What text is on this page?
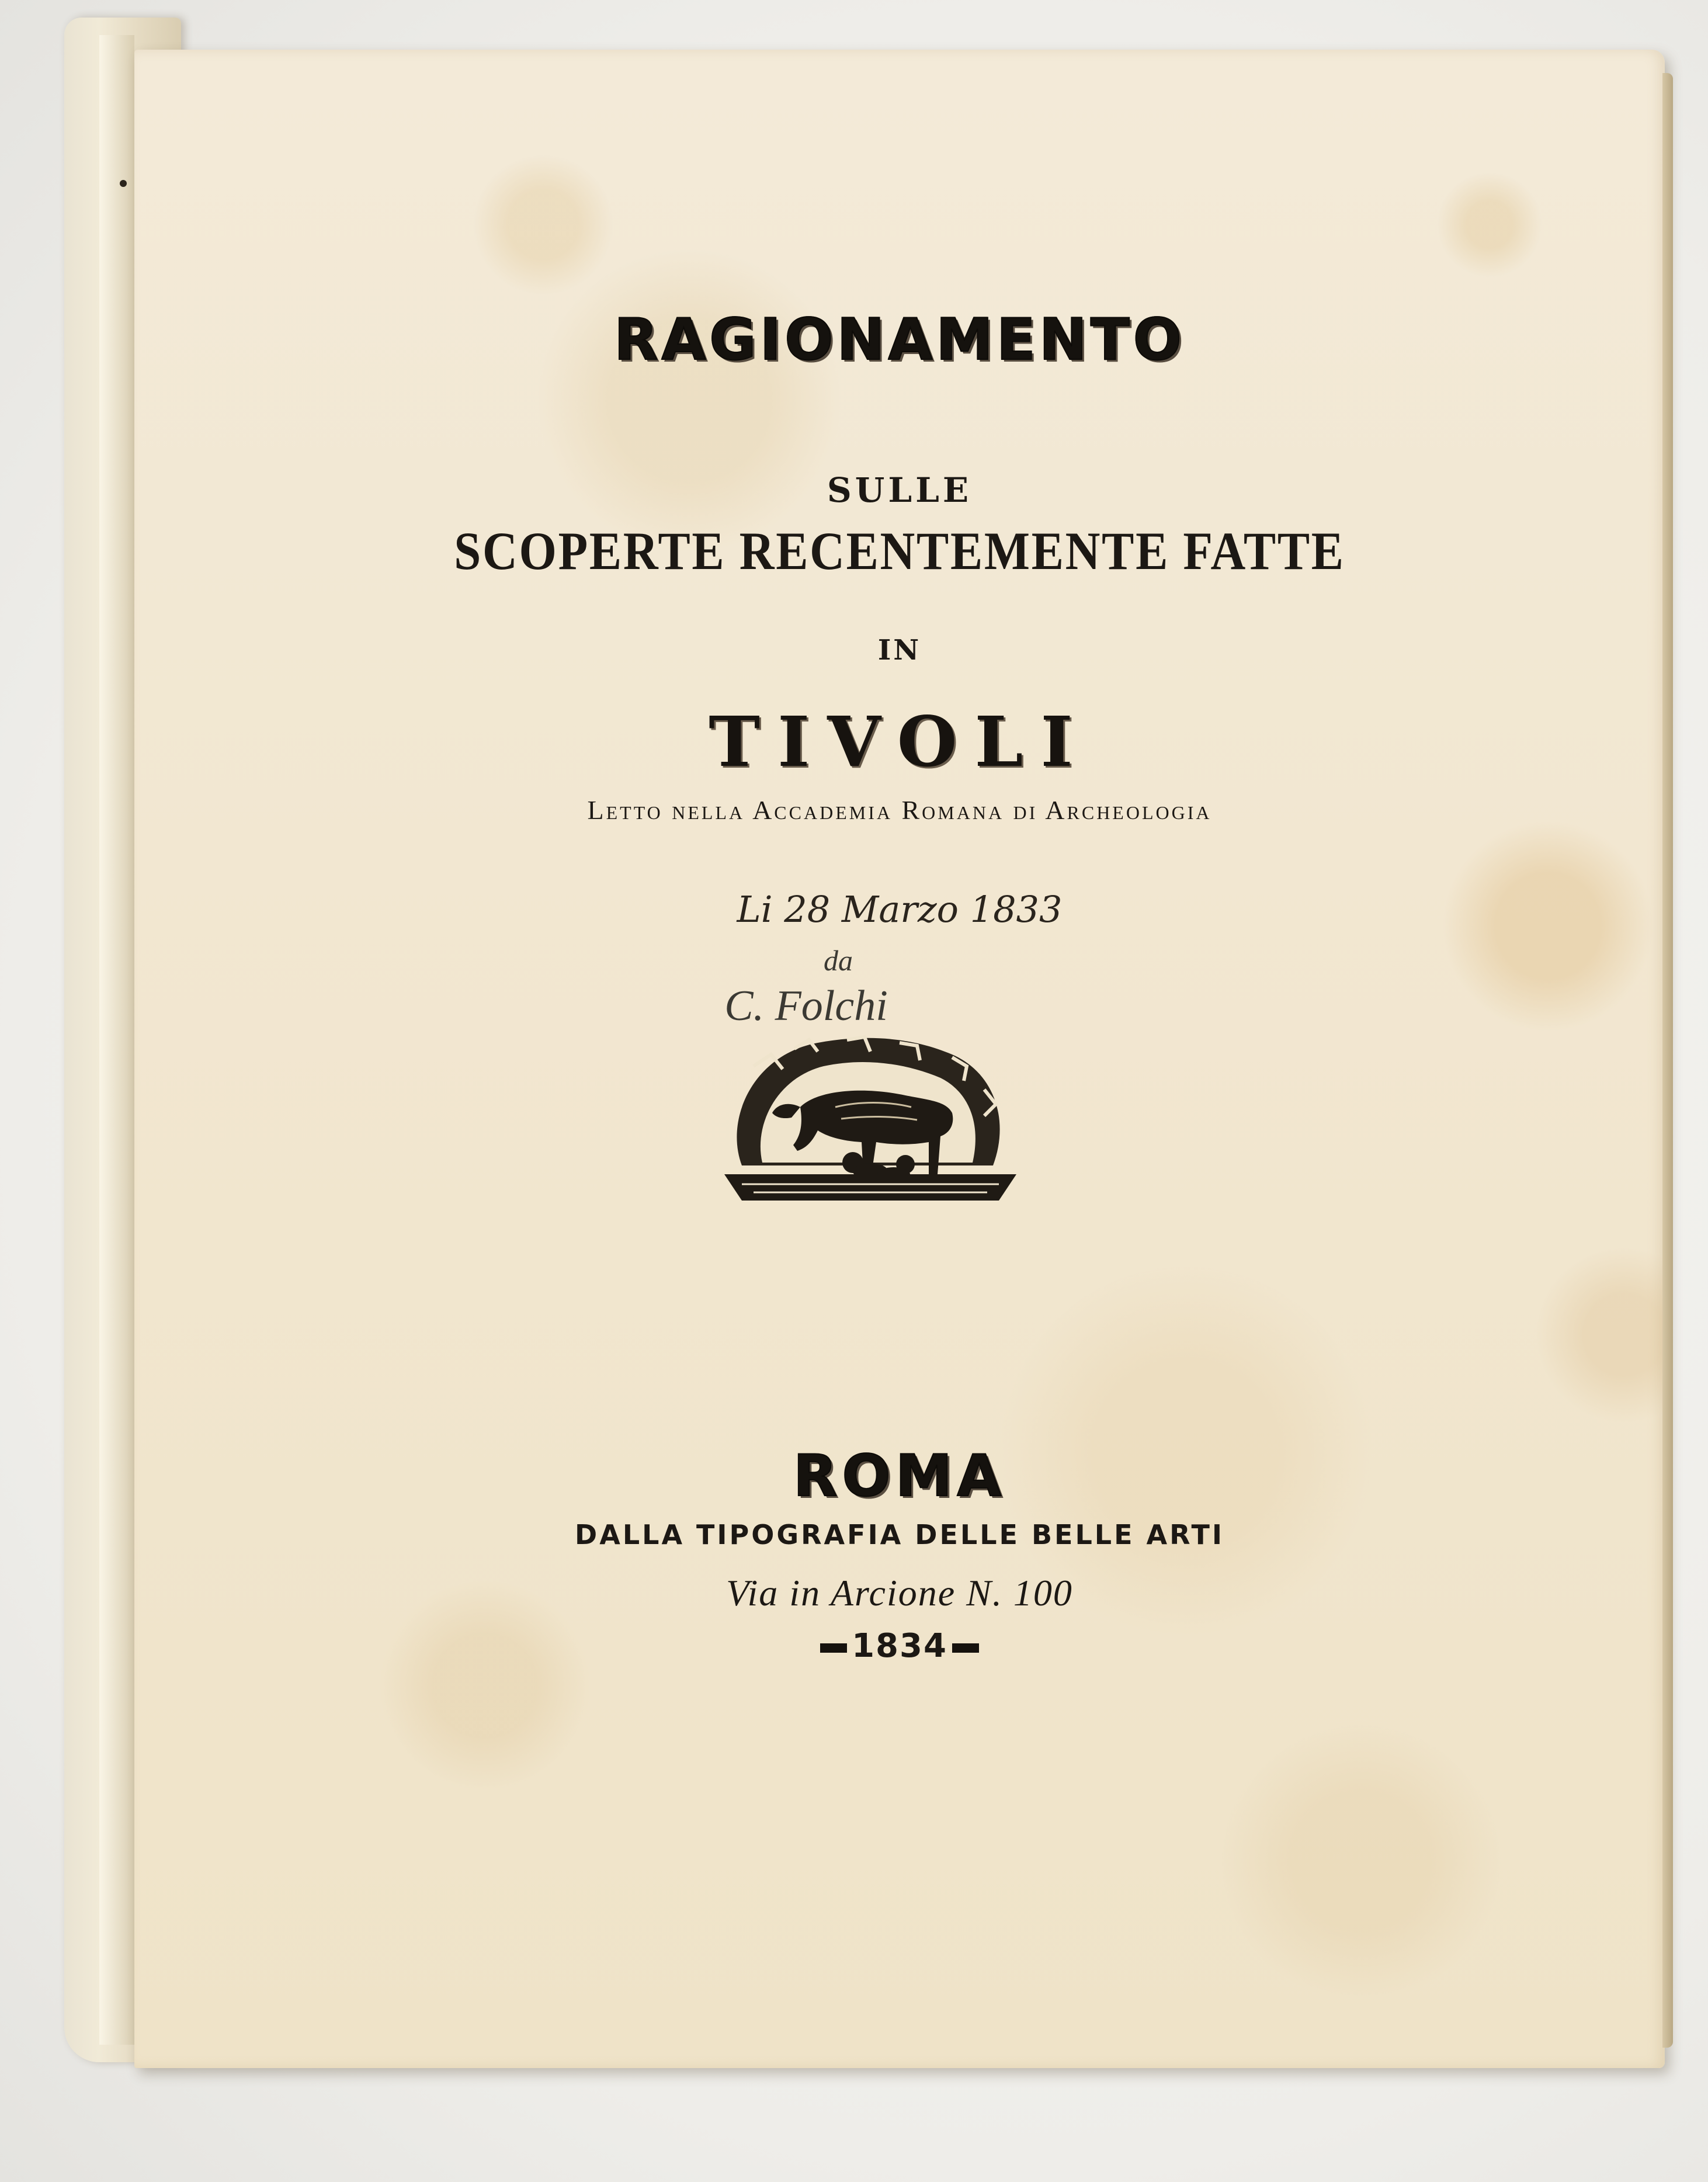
RAGIONAMENTO
SULLE
SCOPERTE RECENTEMENTE FATTE
IN
TIVOLI
Letto nella Accademia Romana di Archeologia
Li 28 Marzo 1833
da
C. Folchi
ROMA
DALLA TIPOGRAFIA DELLE BELLE ARTI
Via in Arcione N. 100
1834
